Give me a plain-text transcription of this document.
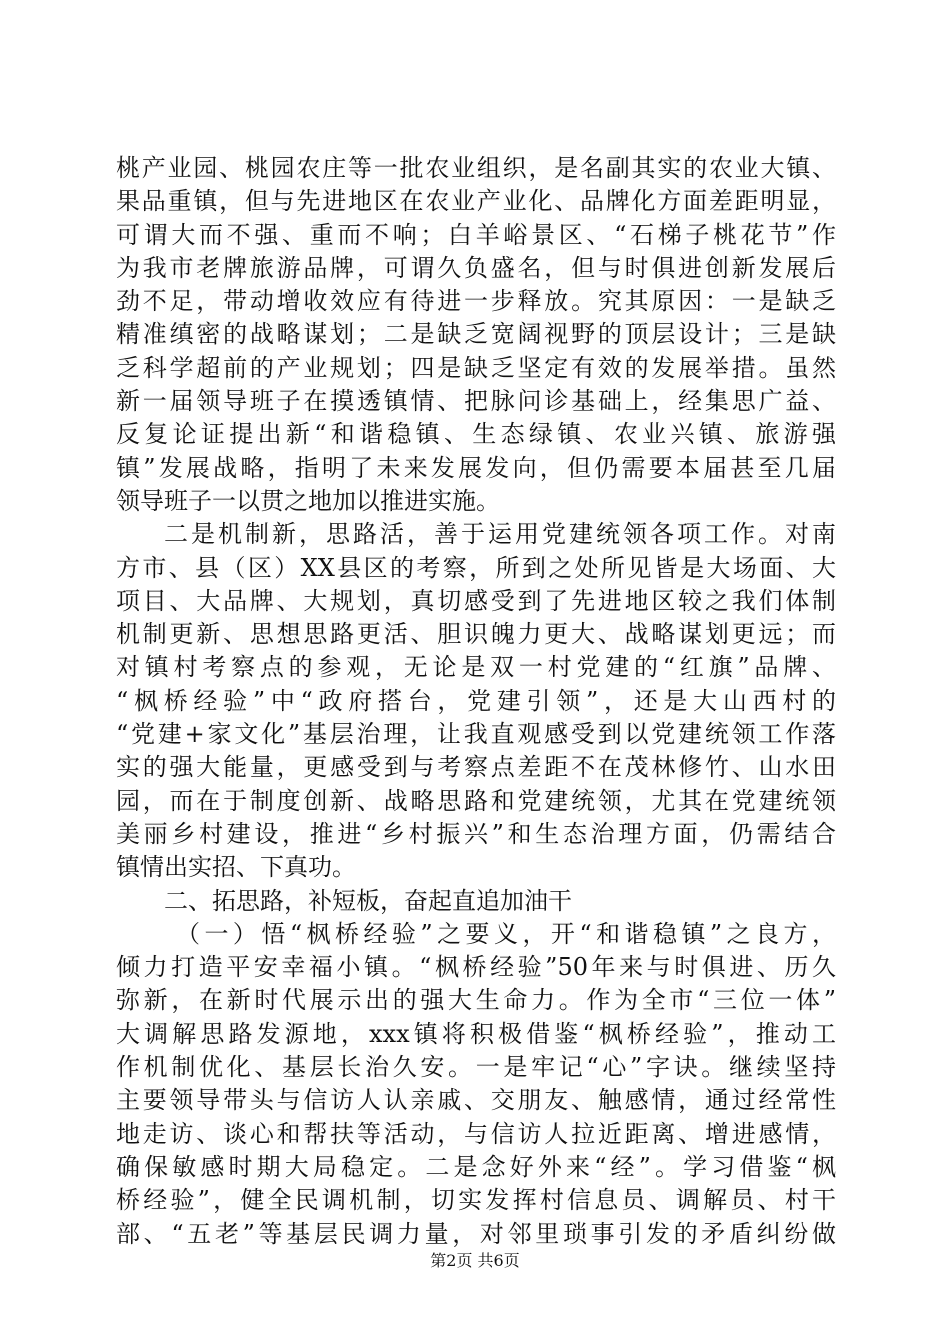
桃产业园、桃园农庄等一批农业组织，是名副其实的农业大镇、
果品重镇，但与先进地区在农业产业化、品牌化方面差距明显，
可谓大而不强、重而不响；白羊峪景区、“石梯子桃花节”作
为我市老牌旅游品牌，可谓久负盛名，但与时俱进创新发展后
劲不足，带动增收效应有待进一步释放。究其原因：一是缺乏
精准缜密的战略谋划；二是缺乏宽阔视野的顶层设计；三是缺
乏科学超前的产业规划；四是缺乏坚定有效的发展举措。虽然
新一届领导班子在摸透镇情、把脉问诊基础上，经集思广益、
反复论证提出新“和谐稳镇、生态绿镇、农业兴镇、旅游强
镇”发展战略，指明了未来发展发向，但仍需要本届甚至几届
领导班子一以贯之地加以推进实施。
二是机制新，思路活，善于运用党建统领各项工作。对南
方市、县（区）XX县区的考察，所到之处所见皆是大场面、大
项目、大品牌、大规划，真切感受到了先进地区较之我们体制
机制更新、思想思路更活、胆识魄力更大、战略谋划更远；而
对镇村考察点的参观，无论是双一村党建的“红旗”品牌、
“枫桥经验”中“政府搭台，党建引领”，还是大山西村的
“党建+家文化”基层治理，让我直观感受到以党建统领工作落
实的强大能量，更感受到与考察点差距不在茂林修竹、山水田
园，而在于制度创新、战略思路和党建统领，尤其在党建统领
美丽乡村建设，推进“乡村振兴”和生态治理方面，仍需结合
镇情出实招、下真功。
二、拓思路，补短板，奋起直追加油干
（一）悟“枫桥经验”之要义，开“和谐稳镇”之良方，
倾力打造平安幸福小镇。“枫桥经验”50年来与时俱进、历久
弥新，在新时代展示出的强大生命力。作为全市“三位一体”
大调解思路发源地，xxx镇将积极借鉴“枫桥经验”，推动工
作机制优化、基层长治久安。一是牢记“心”字诀。继续坚持
主要领导带头与信访人认亲戚、交朋友、触感情，通过经常性
地走访、谈心和帮扶等活动，与信访人拉近距离、增进感情，
确保敏感时期大局稳定。二是念好外来“经”。学习借鉴“枫
桥经验”，健全民调机制，切实发挥村信息员、调解员、村干
部、“五老”等基层民调力量，对邻里琐事引发的矛盾纠纷做
第2页 共6页
